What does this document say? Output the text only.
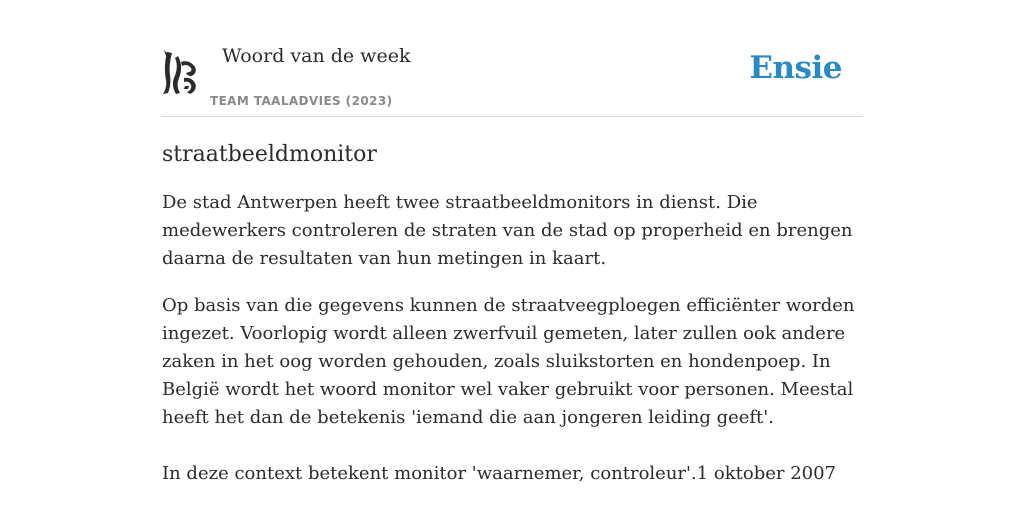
Woord van de week
TEAM TAALADVIES (2023)
Ensie
straatbeeldmonitor

De stad Antwerpen heeft twee straatbeeldmonitors in dienst. Die medewerkers controleren de straten van de stad op properheid en brengen daarna de resultaten van hun metingen in kaart.

Op basis van die gegevens kunnen de straatveegploegen efficiënter worden ingezet. Voorlopig wordt alleen zwerfvuil gemeten, later zullen ook andere zaken in het oog worden gehouden, zoals sluikstorten en hondenpoep. In België wordt het woord monitor wel vaker gebruikt voor personen. Meestal heeft het dan de betekenis 'iemand die aan jongeren leiding geeft'.

In deze context betekent monitor 'waarnemer, controleur'.1 oktober 2007
